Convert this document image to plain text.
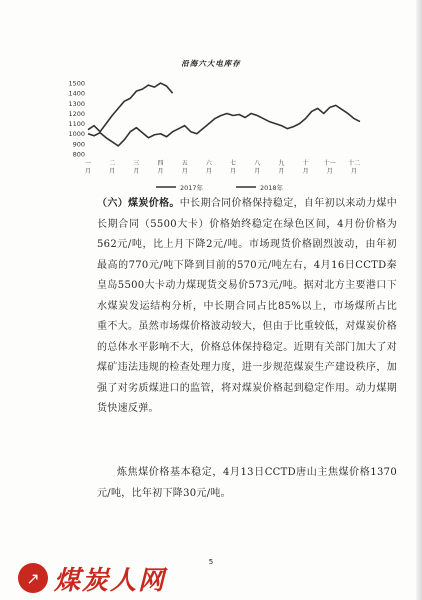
沿海六大电库存
1500
1400
1300
1200
1100
1000
900
800
一
月
二
月
三
月
四
月
五
月
六
月
七
月
八
月
九
月
十
月
十一
月
十二
月
2017年	2018年

（六）煤炭价格。中长期合同价格保持稳定，自年初以来动力煤中长期合同（5500大卡）价格始终稳定在绿色区间，4月份价格为562元/吨，比上月下降2元/吨。市场现货价格剧烈波动，由年初最高的770元/吨下降到目前的570元/吨左右，4月16日CCTD秦皇岛5500大卡动力煤现货交易价573元/吨。据对北方主要港口下水煤炭发运结构分析，中长期合同占比85%以上，市场煤所占比重不大。虽然市场煤价格波动较大，但由于比重较低，对煤炭价格的总体水平影响不大，价格总体保持稳定。近期有关部门加大了对煤矿违法违规的检查处理力度，进一步规范煤炭生产建设秩序，加强了对劣质煤进口的监管，将对煤炭价格起到稳定作用。动力煤期货快速反弹。

炼焦煤价格基本稳定，4月13日CCTD唐山主焦煤价格1370元/吨，比年初下降30元/吨。

5
↗ 煤炭人网
